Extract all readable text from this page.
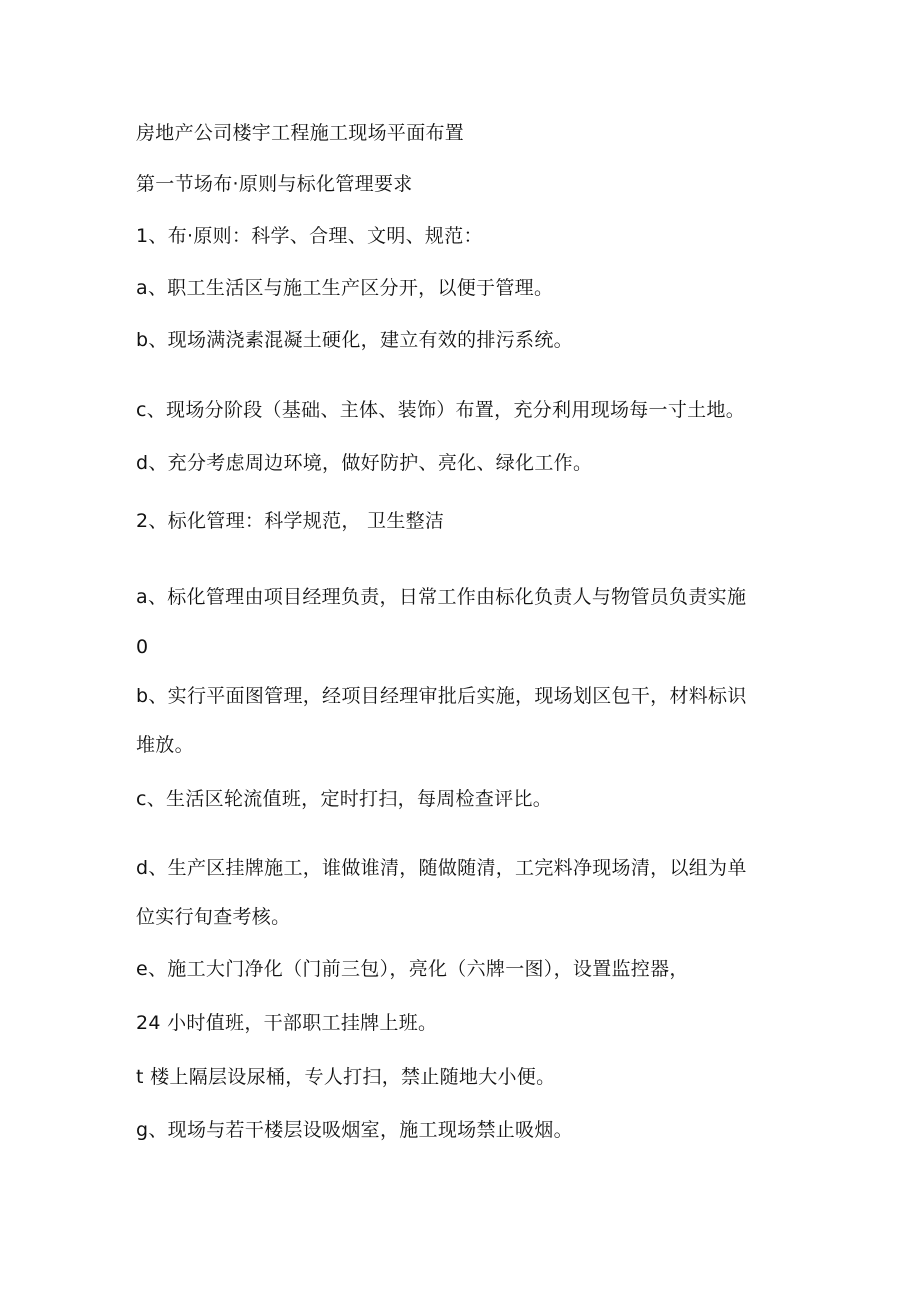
房地产公司楼宇工程施工现场平面布置

第一节场布·原则与标化管理要求

1、布·原则：科学、合理、文明、规范：

a、职工生活区与施工生产区分开，以便于管理。

b、现场满浇素混凝土硬化，建立有效的排污系统。

c、现场分阶段（基础、主体、装饰）布置，充分利用现场每一寸土地。

d、充分考虑周边环境，做好防护、亮化、绿化工作。

2、标化管理：科学规范， 卫生整洁

a、标化管理由项目经理负责，日常工作由标化负责人与物管员负责实施

0

b、实行平面图管理，经项目经理审批后实施，现场划区包干，材料标识

堆放。

c、生活区轮流值班，定时打扫，每周检查评比。

d、生产区挂牌施工，谁做谁清，随做随清，工完料净现场清，以组为单

位实行旬查考核。

e、施工大门净化（门前三包），亮化（六牌一图），设置监控器，

24 小时值班，干部职工挂牌上班。

t 楼上隔层设尿桶，专人打扫，禁止随地大小便。

g、现场与若干楼层设吸烟室，施工现场禁止吸烟。
